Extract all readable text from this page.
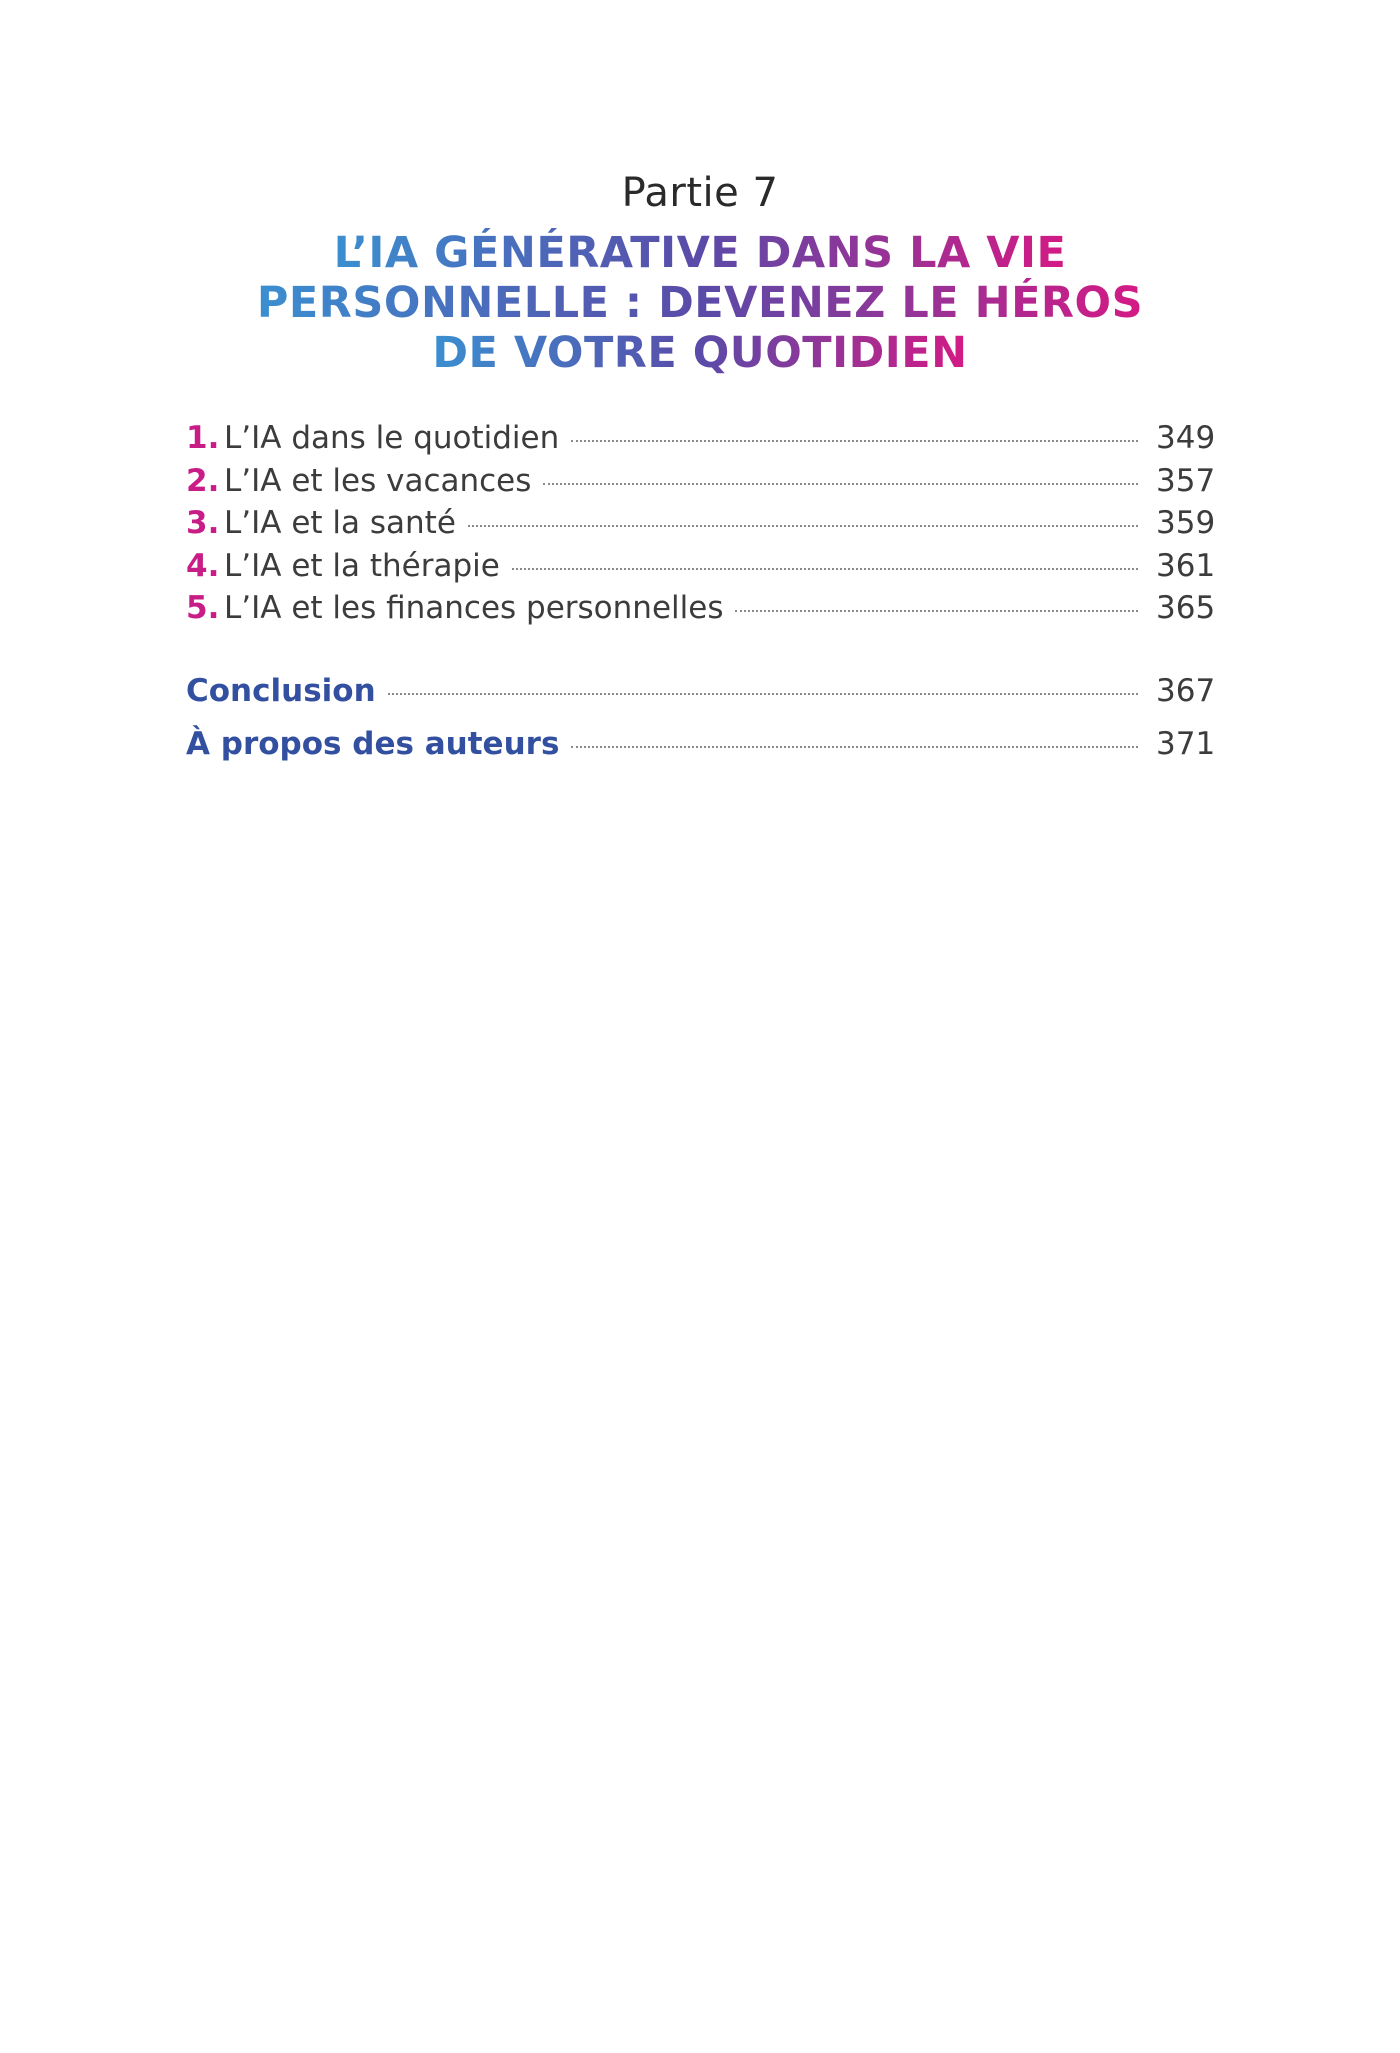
Partie 7
L’IA GÉNÉRATIVE DANS LA VIE
PERSONNELLE : DEVENEZ LE HÉROS
DE VOTRE QUOTIDIEN

1. L’IA dans le quotidien	349
2. L’IA et les vacances	357
3. L’IA et la santé	359
4. L’IA et la thérapie	361
5. L’IA et les finances personnelles	365
Conclusion	367
À propos des auteurs	371
